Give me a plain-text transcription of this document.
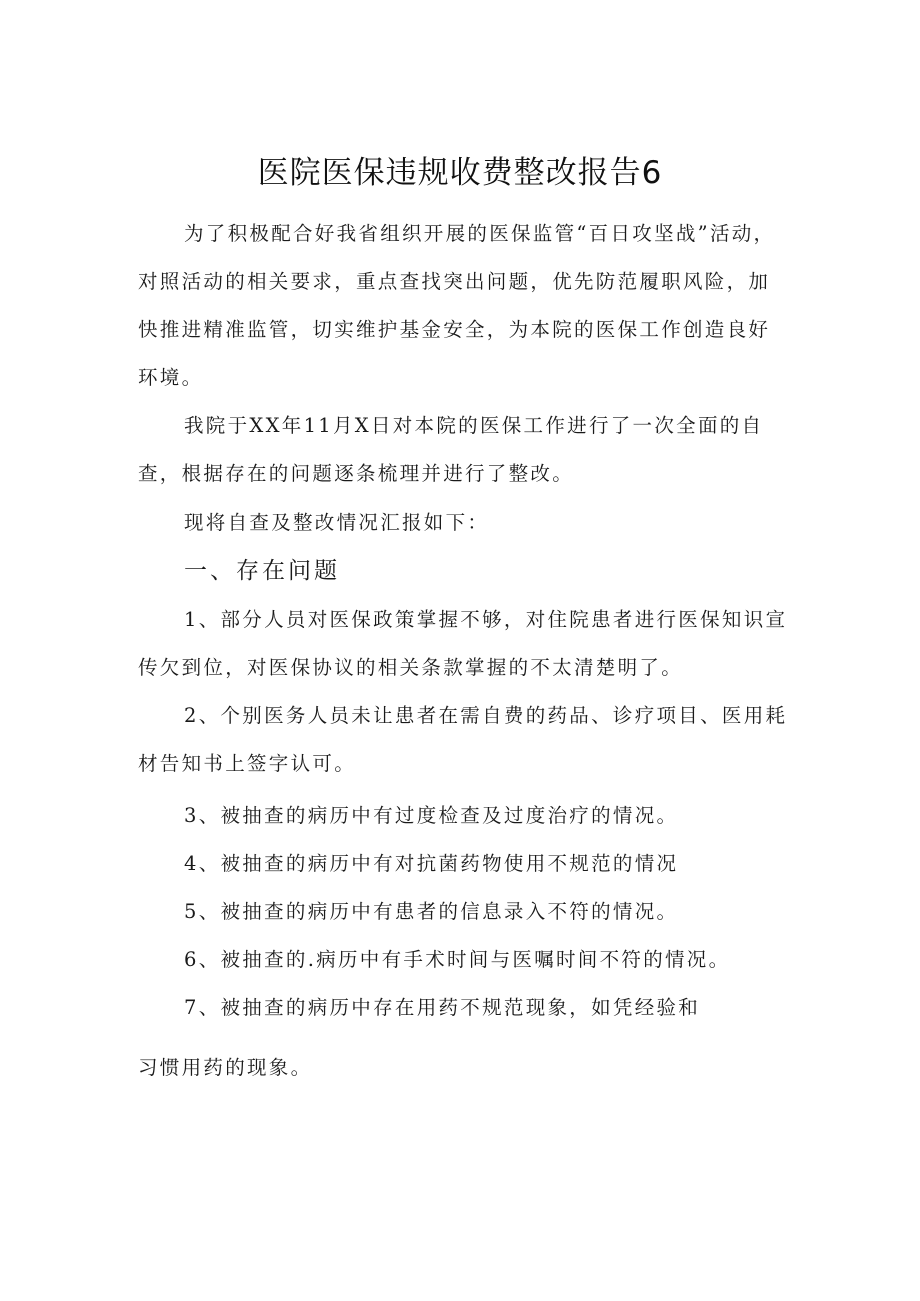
医院医保违规收费整改报告6

为了积极配合好我省组织开展的医保监管“百日攻坚战”活动，对照活动的相关要求，重点查找突出问题，优先防范履职风险，加快推进精准监管，切实维护基金安全，为本院的医保工作创造良好环境。

我院于XX年11月X日对本院的医保工作进行了一次全面的自查，根据存在的问题逐条梳理并进行了整改。

现将自查及整改情况汇报如下：

一、存在问题

1、部分人员对医保政策掌握不够，对住院患者进行医保知识宣传欠到位，对医保协议的相关条款掌握的不太清楚明了。

2、个别医务人员未让患者在需自费的药品、诊疗项目、医用耗材告知书上签字认可。

3、被抽查的病历中有过度检查及过度治疗的情况。

4、被抽查的病历中有对抗菌药物使用不规范的情况

5、被抽查的病历中有患者的信息录入不符的情况。

6、被抽查的.病历中有手术时间与医嘱时间不符的情况。

7、被抽查的病历中存在用药不规范现象，如凭经验和

习惯用药的现象。
